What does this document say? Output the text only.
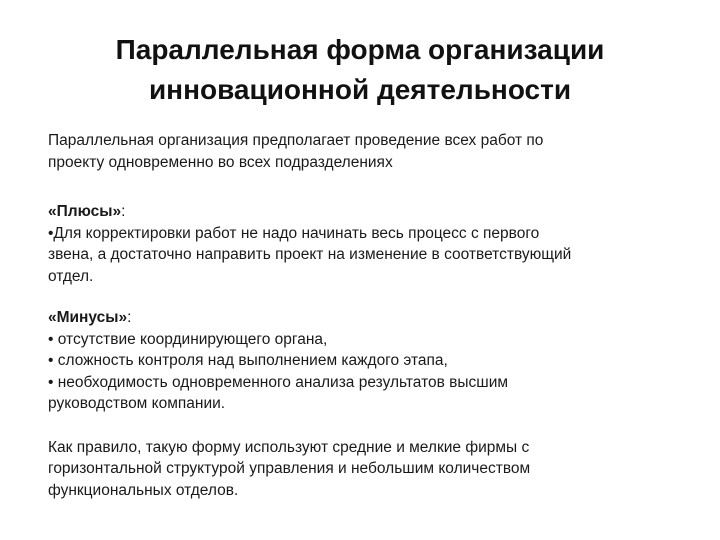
Параллельная форма организации
инновационной деятельности

Параллельная организация предполагает проведение всех работ по
проекту одновременно во всех подразделениях

«Плюсы»:
•Для корректировки работ не надо начинать весь процесс с первого
звена, а достаточно направить проект на изменение в соответствующий
отдел.

«Минусы»:
• отсутствие координирующего органа,
• сложность контроля над выполнением каждого этапа,
• необходимость одновременного анализа результатов высшим
руководством компании.

Как правило, такую форму используют средние и мелкие фирмы с
горизонтальной структурой управления и небольшим количеством
функциональных отделов.
